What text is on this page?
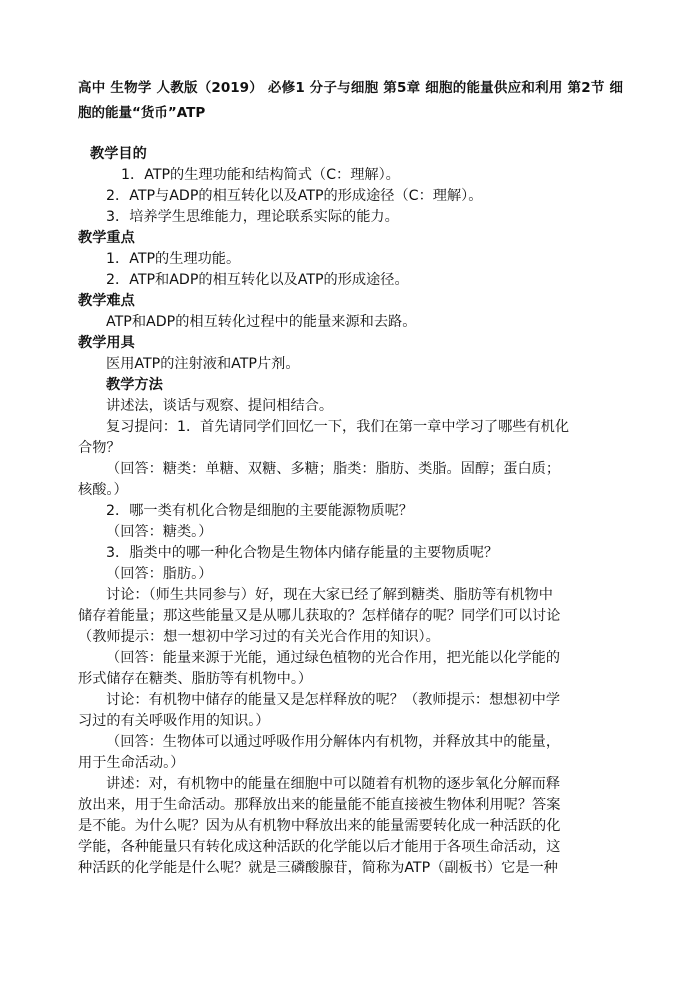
高中 生物学 人教版（2019） 必修1 分子与细胞 第5章 细胞的能量供应和利用 第2节 细胞的能量“货币”ATP
教学目的
1．ATP的生理功能和结构简式（C：理解）。
2．ATP与ADP的相互转化以及ATP的形成途径（C：理解）。
3．培养学生思维能力，理论联系实际的能力。
教学重点
1．ATP的生理功能。
2．ATP和ADP的相互转化以及ATP的形成途径。
教学难点
ATP和ADP的相互转化过程中的能量来源和去路。
教学用具
医用ATP的注射液和ATP片剂。
教学方法
讲述法，谈话与观察、提问相结合。
复习提问：1．首先请同学们回忆一下，我们在第一章中学习了哪些有机化
合物？
（回答：糖类：单糖、双糖、多糖；脂类：脂肪、类脂。固醇；蛋白质；
核酸。）
2．哪一类有机化合物是细胞的主要能源物质呢？
（回答：糖类。）
3．脂类中的哪一种化合物是生物体内储存能量的主要物质呢？
（回答：脂肪。）
讨论：（师生共同参与）好，现在大家已经了解到糖类、脂肪等有机物中
储存着能量；那这些能量又是从哪儿获取的？怎样储存的呢？同学们可以讨论
（教师提示：想一想初中学习过的有关光合作用的知识）。
（回答：能量来源于光能，通过绿色植物的光合作用，把光能以化学能的
形式储存在糖类、脂肪等有机物中。）
讨论：有机物中储存的能量又是怎样释放的呢？（教师提示：想想初中学
习过的有关呼吸作用的知识。）
（回答：生物体可以通过呼吸作用分解体内有机物，并释放其中的能量，
用于生命活动。）
讲述：对，有机物中的能量在细胞中可以随着有机物的逐步氧化分解而释
放出来，用于生命活动。那释放出来的能量能不能直接被生物体利用呢？答案
是不能。为什么呢？因为从有机物中释放出来的能量需要转化成一种活跃的化
学能，各种能量只有转化成这种活跃的化学能以后才能用于各项生命活动，这
种活跃的化学能是什么呢？就是三磷酸腺苷，简称为ATP（副板书）它是一种
